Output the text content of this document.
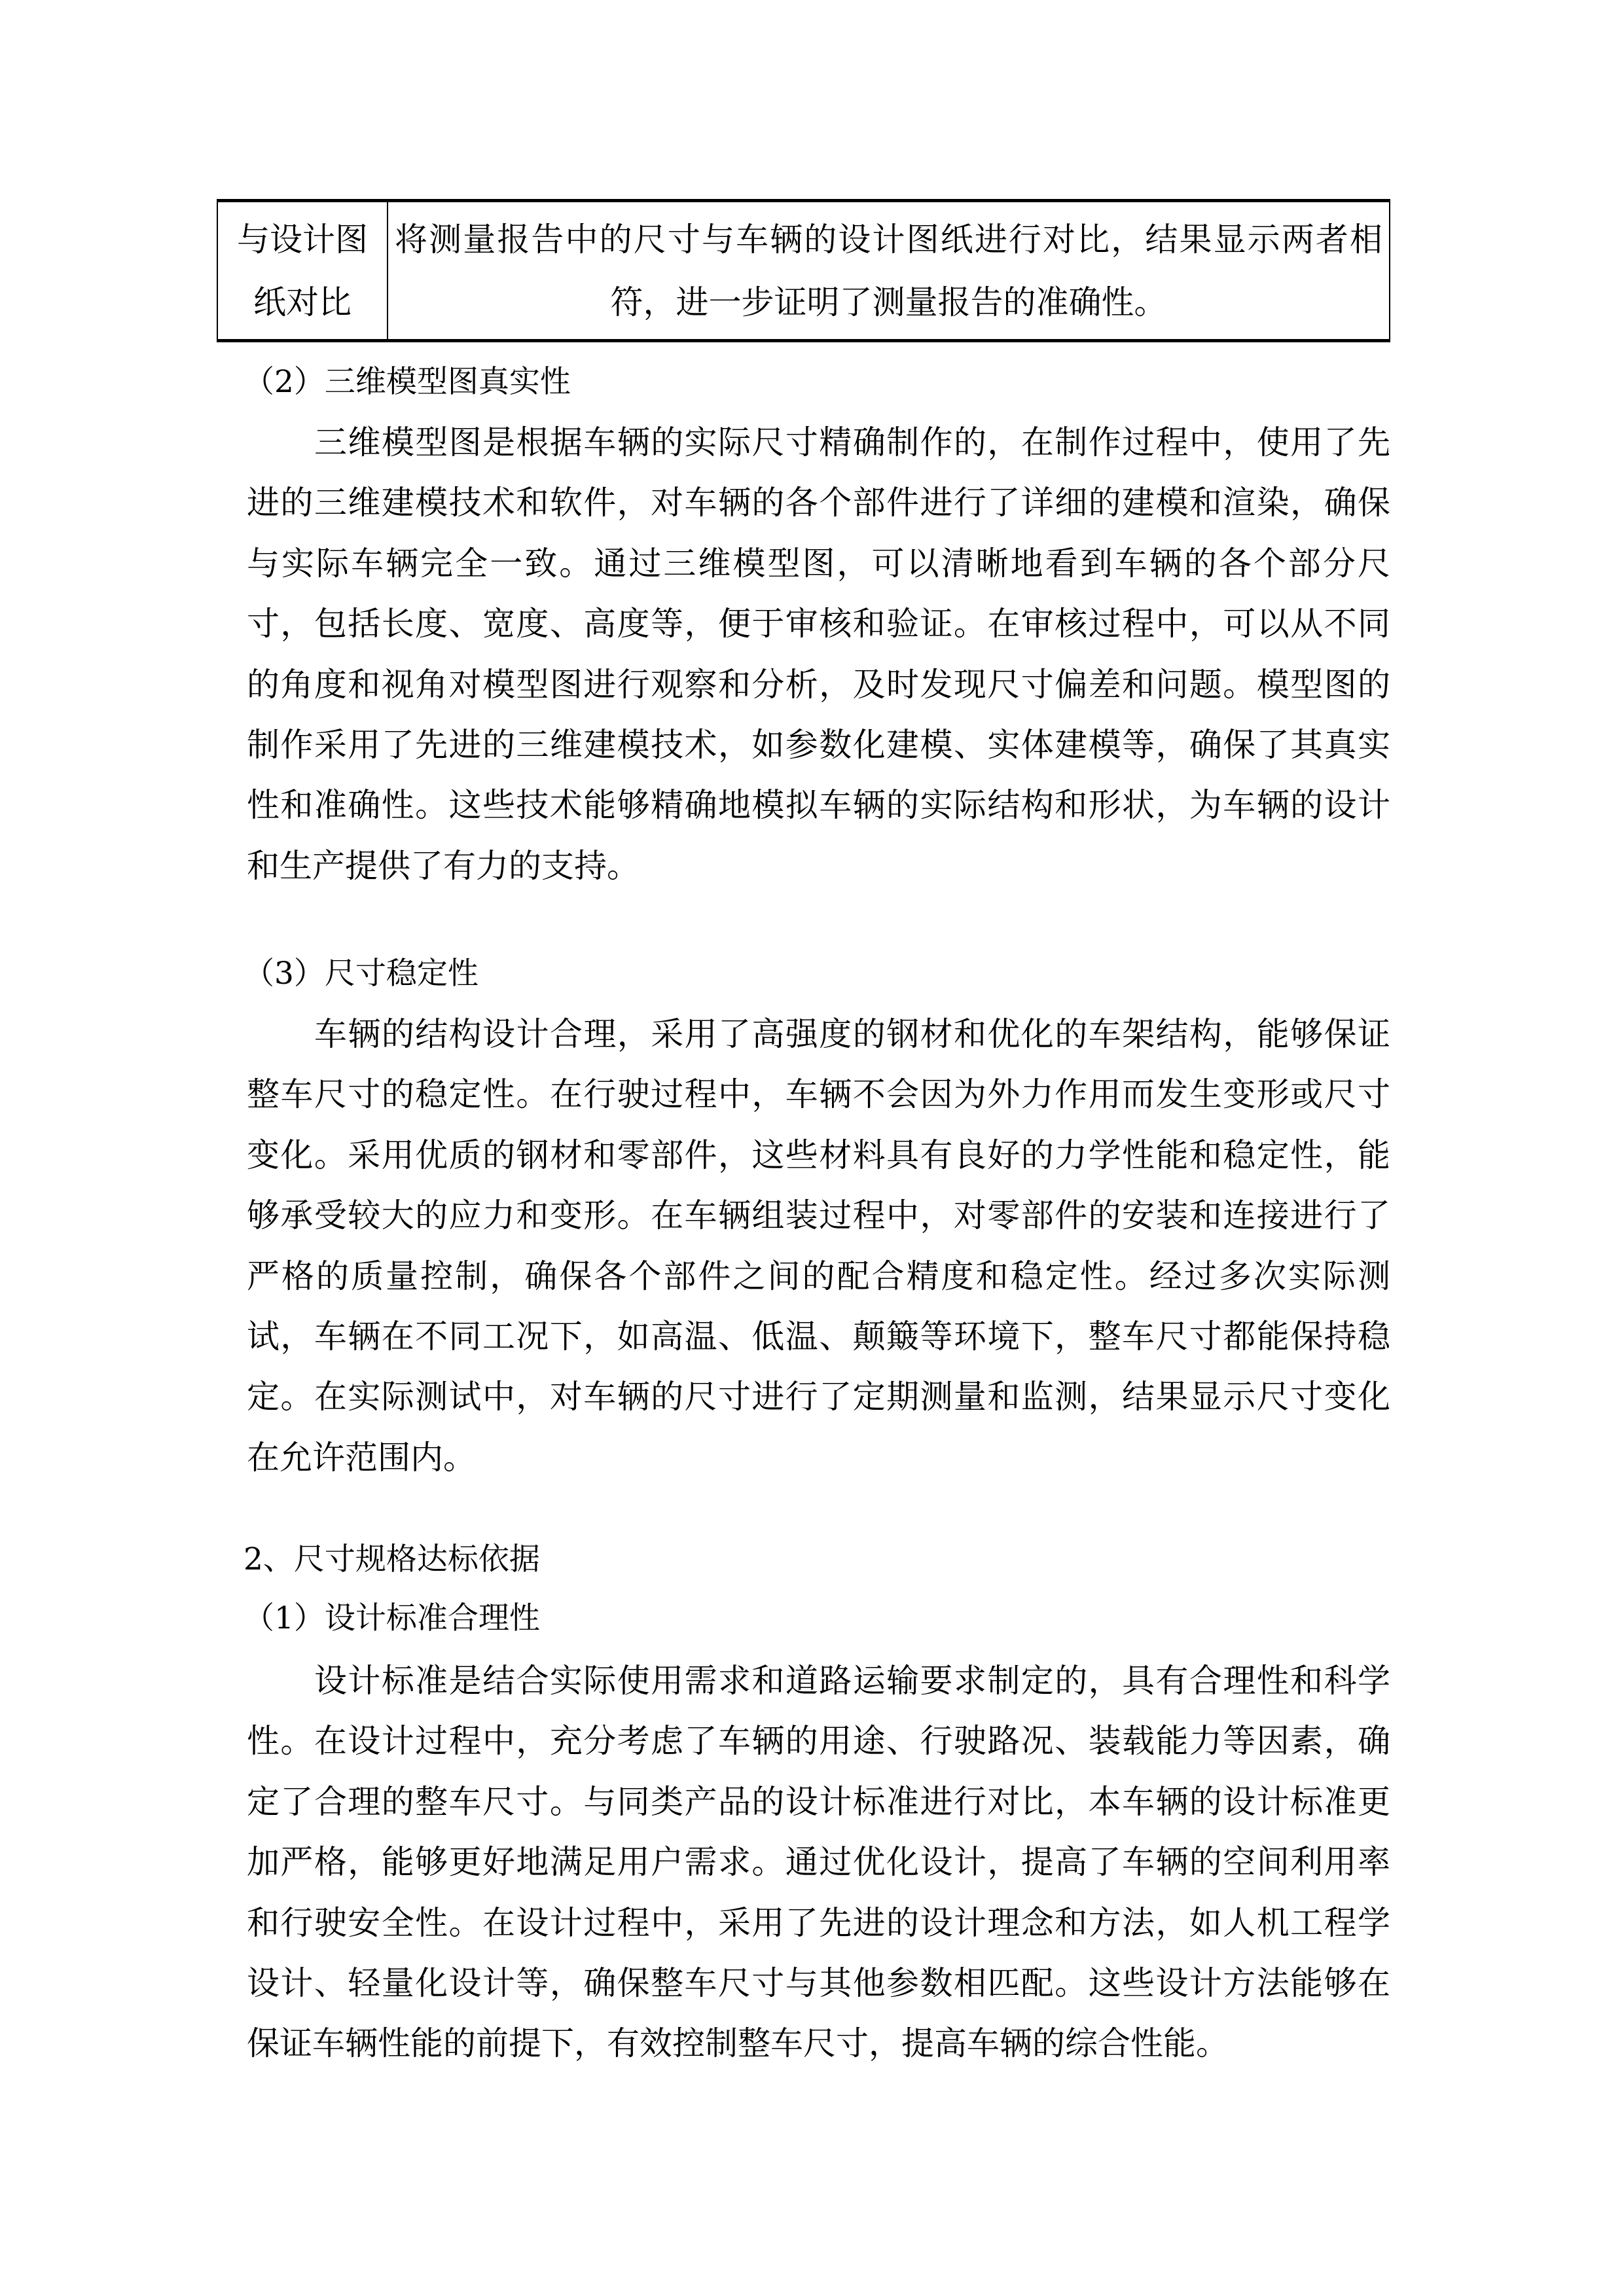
与设计图
纸对比

将测量报告中的尺寸与车辆的设计图纸进行对比，结果显示两者相
符，进一步证明了测量报告的准确性。
（2）三维模型图真实性
三维模型图是根据车辆的实际尺寸精确制作的，在制作过程中，使用了先
进的三维建模技术和软件，对车辆的各个部件进行了详细的建模和渲染，确保
与实际车辆完全一致。通过三维模型图，可以清晰地看到车辆的各个部分尺
寸，包括长度、宽度、高度等，便于审核和验证。在审核过程中，可以从不同
的角度和视角对模型图进行观察和分析，及时发现尺寸偏差和问题。模型图的
制作采用了先进的三维建模技术，如参数化建模、实体建模等，确保了其真实
性和准确性。这些技术能够精确地模拟车辆的实际结构和形状，为车辆的设计
和生产提供了有力的支持。
（3）尺寸稳定性
车辆的结构设计合理，采用了高强度的钢材和优化的车架结构，能够保证
整车尺寸的稳定性。在行驶过程中，车辆不会因为外力作用而发生变形或尺寸
变化。采用优质的钢材和零部件，这些材料具有良好的力学性能和稳定性，能
够承受较大的应力和变形。在车辆组装过程中，对零部件的安装和连接进行了
严格的质量控制，确保各个部件之间的配合精度和稳定性。经过多次实际测
试，车辆在不同工况下，如高温、低温、颠簸等环境下，整车尺寸都能保持稳
定。在实际测试中，对车辆的尺寸进行了定期测量和监测，结果显示尺寸变化
在允许范围内。
2、尺寸规格达标依据
（1）设计标准合理性
设计标准是结合实际使用需求和道路运输要求制定的，具有合理性和科学
性。在设计过程中，充分考虑了车辆的用途、行驶路况、装载能力等因素，确
定了合理的整车尺寸。与同类产品的设计标准进行对比，本车辆的设计标准更
加严格，能够更好地满足用户需求。通过优化设计，提高了车辆的空间利用率
和行驶安全性。在设计过程中，采用了先进的设计理念和方法，如人机工程学
设计、轻量化设计等，确保整车尺寸与其他参数相匹配。这些设计方法能够在
保证车辆性能的前提下，有效控制整车尺寸，提高车辆的综合性能。
